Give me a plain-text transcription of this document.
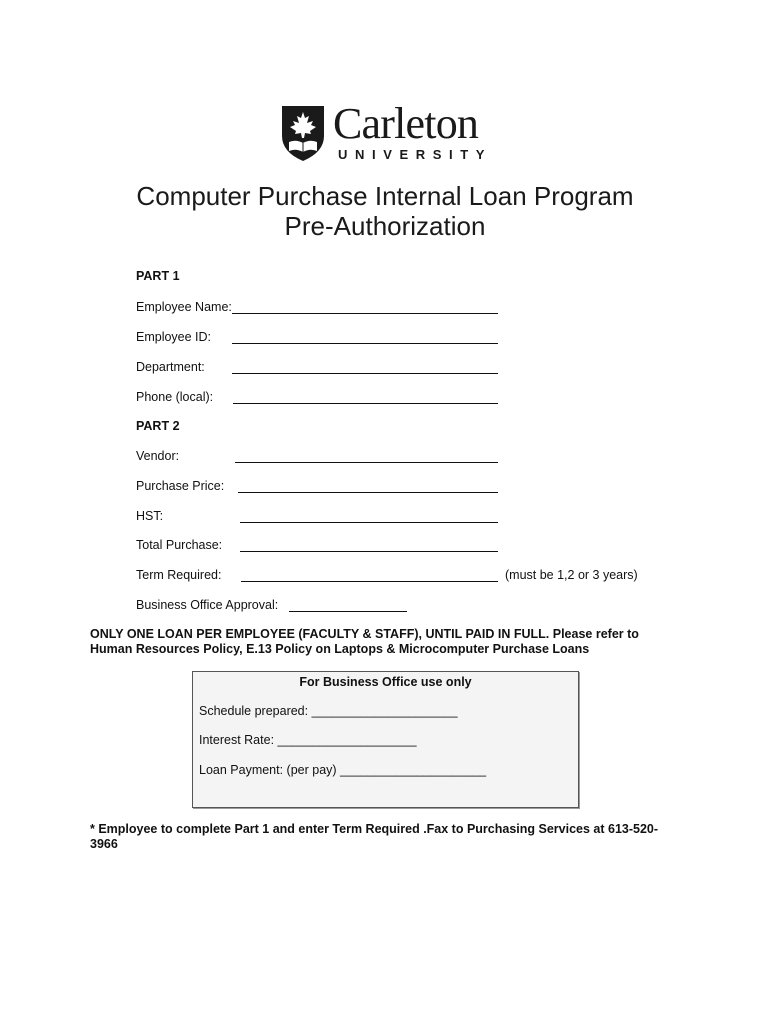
Carleton
UNIVERSITY
Computer Purchase Internal Loan Program
Pre-Authorization
PART 1
Employee Name:
Employee ID:
Department:
Phone (local):
PART 2
Vendor:
Purchase Price:
HST:
Total Purchase:
Term Required:	(must be 1,2 or 3 years)
Business Office Approval:
ONLY ONE LOAN PER EMPLOYEE (FACULTY & STAFF), UNTIL PAID IN FULL. Please refer to Human Resources Policy, E.13 Policy on Laptops & Microcomputer Purchase Loans
For Business Office use only
Schedule prepared: _____________________
Interest Rate: ____________________
Loan Payment: (per pay) _____________________
* Employee to complete Part 1 and enter Term Required .Fax to Purchasing Services at 613-520-3966
